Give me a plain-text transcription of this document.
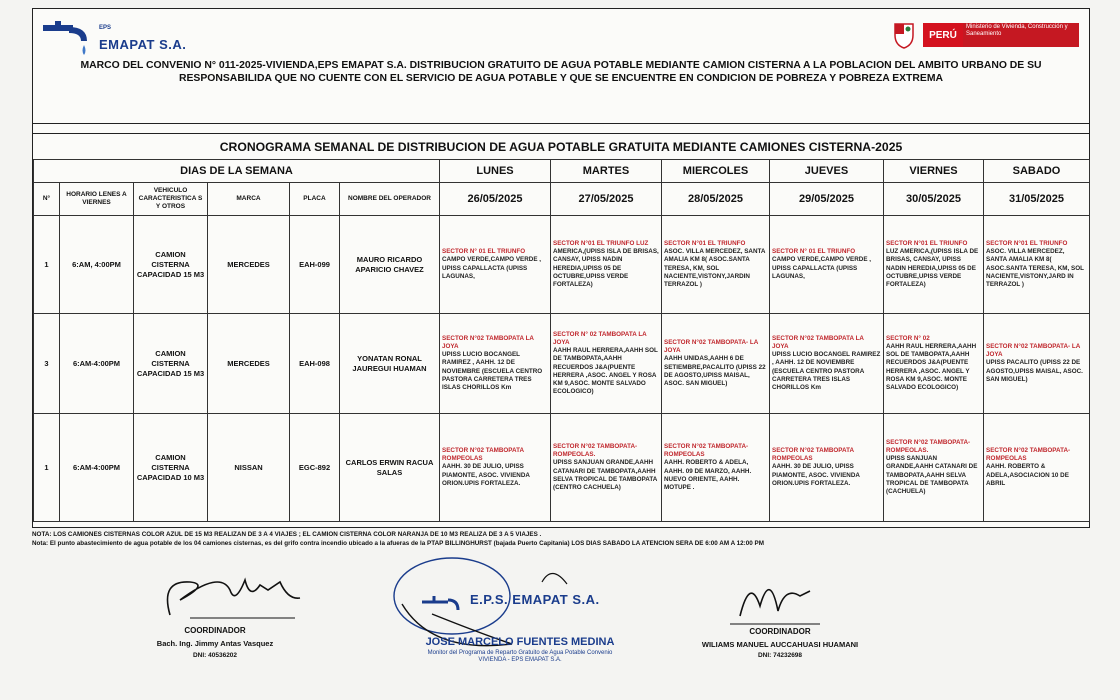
EPS
EMAPAT S.A.
PERÚ
Ministerio de Vivienda, Construcción y Saneamiento
MARCO DEL CONVENIO N° 011-2025-VIVIENDA,EPS EMAPAT S.A. DISTRIBUCION GRATUITO DE AGUA POTABLE MEDIANTE CAMION CISTERNA A LA POBLACION DEL AMBITO URBANO DE SU RESPONSABILIDA QUE NO CUENTE CON EL SERVICIO DE AGUA POTABLE Y QUE SE ENCUENTRE EN CONDICION DE POBREZA Y POBREZA EXTREMA
CRONOGRAMA SEMANAL DE DISTRIBUCION DE AGUA POTABLE GRATUITA MEDIANTE CAMIONES CISTERNA-2025
DIAS DE LA SEMANA						LUNES	MARTES	MIERCOLES	JUEVES	VIERNES	SABADO
N°	HORARIO LENES A VIERNES	VEHICULO CARACTERISTICA S Y OTROS	MARCA	PLACA	NOMBRE DEL OPERADOR	26/05/2025	27/05/2025	28/05/2025	29/05/2025	30/05/2025	31/05/2025
1	6:AM, 4:00PM	CAMION CISTERNA CAPACIDAD 15 M3	MERCEDES	EAH-099	MAURO RICARDO APARICIO CHAVEZ	SECTOR N° 01 EL TRIUNFO
CAMPO VERDE,CAMPO VERDE , UPISS CAPALLACTA (UPISS LAGUNAS,	SECTOR N°01 EL TRIUNFO LUZ
AMERICA,(UPISS ISLA DE BRISAS, CANSAY, UPISS NADIN HEREDIA,UPISS 05 DE OCTUBRE,UPISS VERDE FORTALEZA)	SECTOR N°01 EL TRIUNFO
ASOC. VILLA MERCEDEZ, SANTA AMALIA KM 8( ASOC.SANTA TERESA, KM, SOL NACIENTE,VISTONY,JARDIN TERRAZOL )	SECTOR N° 01 EL TRIUNFO
CAMPO VERDE,CAMPO VERDE , UPISS CAPALLACTA (UPISS LAGUNAS,	SECTOR N°01 EL TRIUNFO
LUZ AMERICA,(UPISS ISLA DE BRISAS, CANSAY, UPISS NADIN HEREDIA,UPISS 05 DE OCTUBRE,UPISS VERDE FORTALEZA)	SECTOR N°01 EL TRIUNFO
ASOC. VILLA MERCEDEZ, SANTA AMALIA KM 8( ASOC.SANTA TERESA, KM, SOL NACIENTE,VISTONY,JARD IN TERRAZOL )
3	6:AM-4:00PM	CAMION CISTERNA CAPACIDAD 15 M3	MERCEDES	EAH-098	YONATAN RONAL JAUREGUI HUAMAN	SECTOR N°02 TAMBOPATA LA JOYA
UPISS LUCIO BOCANGEL RAMIREZ , AAHH. 12 DE NOVIEMBRE (ESCUELA CENTRO PASTORA CARRETERA TRES ISLAS CHORILLOS Km	SECTOR N° 02 TAMBOPATA LA JOYA
AAHH RAUL HERRERA,AAHH SOL DE TAMBOPATA,AAHH RECUERDOS J&A(PUENTE HERRERA ,ASOC. ANGEL Y ROSA KM 9,ASOC. MONTE SALVADO ECOLOGICO)	SECTOR N°02 TAMBOPATA- LA JOYA
AAHH UNIDAS,AAHH 6 DE SETIEMBRE,PACALITO (UPISS 22 DE AGOSTO,UPISS MAISAL, ASOC. SAN MIGUEL)	SECTOR N°02 TAMBOPATA LA JOYA
UPISS LUCIO BOCANGEL RAMIREZ , AAHH. 12 DE NOVIEMBRE (ESCUELA CENTRO PASTORA CARRETERA TRES ISLAS CHORILLOS Km	SECTOR N° 02
AAHH RAUL HERRERA,AAHH SOL DE TAMBOPATA,AAHH RECUERDOS J&A(PUENTE HERRERA ,ASOC. ANGEL Y ROSA KM 9,ASOC. MONTE SALVADO ECOLOGICO)	SECTOR N°02 TAMBOPATA- LA JOYA
UPISS PACALITO (UPISS 22 DE AGOSTO,UPISS MAISAL, ASOC. SAN MIGUEL)
1	6:AM-4:00PM	CAMION CISTERNA CAPACIDAD 10 M3	NISSAN	EGC-892	CARLOS ERWIN RACUA SALAS	SECTOR N°02 TAMBOPATA ROMPEOLAS
AAHH. 30 DE JULIO, UPISS PIAMONTE, ASOC. VIVIENDA ORION.UPIS FORTALEZA.	SECTOR N°02 TAMBOPATA- ROMPEOLAS.
UPISS SANJUAN GRANDE,AAHH CATANARI DE TAMBOPATA,AAHH SELVA TROPICAL DE TAMBOPATA (CENTRO CACHUELA)	SECTOR N°02 TAMBOPATA- ROMPEOLAS
AAHH. ROBERTO & ADELA, AAHH. 09 DE MARZO, AAHH. NUEVO ORIENTE, AAHH. MOTUPE .	SECTOR N°02 TAMBOPATA ROMPEOLAS
AAHH. 30 DE JULIO, UPISS PIAMONTE, ASOC. VIVIENDA ORION.UPIS FORTALEZA.	SECTOR N°02 TAMBOPATA- ROMPEOLAS.
UPISS SANJUAN GRANDE,AAHH CATANARI DE TAMBOPATA,AAHH SELVA TROPICAL DE TAMBOPATA (CACHUELA)	SECTOR N°02 TAMBOPATA- ROMPEOLAS
AAHH. ROBERTO & ADELA,ASOCIACION 10 DE ABRIL
NOTA: LOS CAMIONES CISTERNAS COLOR AZUL DE 15 M3 REALIZAN DE 3 A 4 VIAJES ; EL CAMION CISTERNA COLOR NARANJA DE 10 M3 REALIZA DE 3 A 5 VIAJES .
Nota: El punto abastecimiento de agua potable de los 04 camiones cisternas, es del grifo contra incendio ubicado a la afueras de la PTAP BILLINGHURST (bajada Puerto Capitania) LOS DIAS SABADO LA ATENCION SERA DE 6:00 AM A 12:00 PM
COORDINADOR
Bach. Ing. Jimmy Antas Vasquez
DNI: 40536202
E.P.S. EMAPAT S.A.
JOSE MARCELO FUENTES MEDINA
Monitor del Programa de Reparto Gratuito de Agua Potable Convenio VIVIENDA - EPS EMAPAT S.A.
COORDINADOR
WILIAMS MANUEL AUCCAHUASI HUAMANI
DNI: 74232698
